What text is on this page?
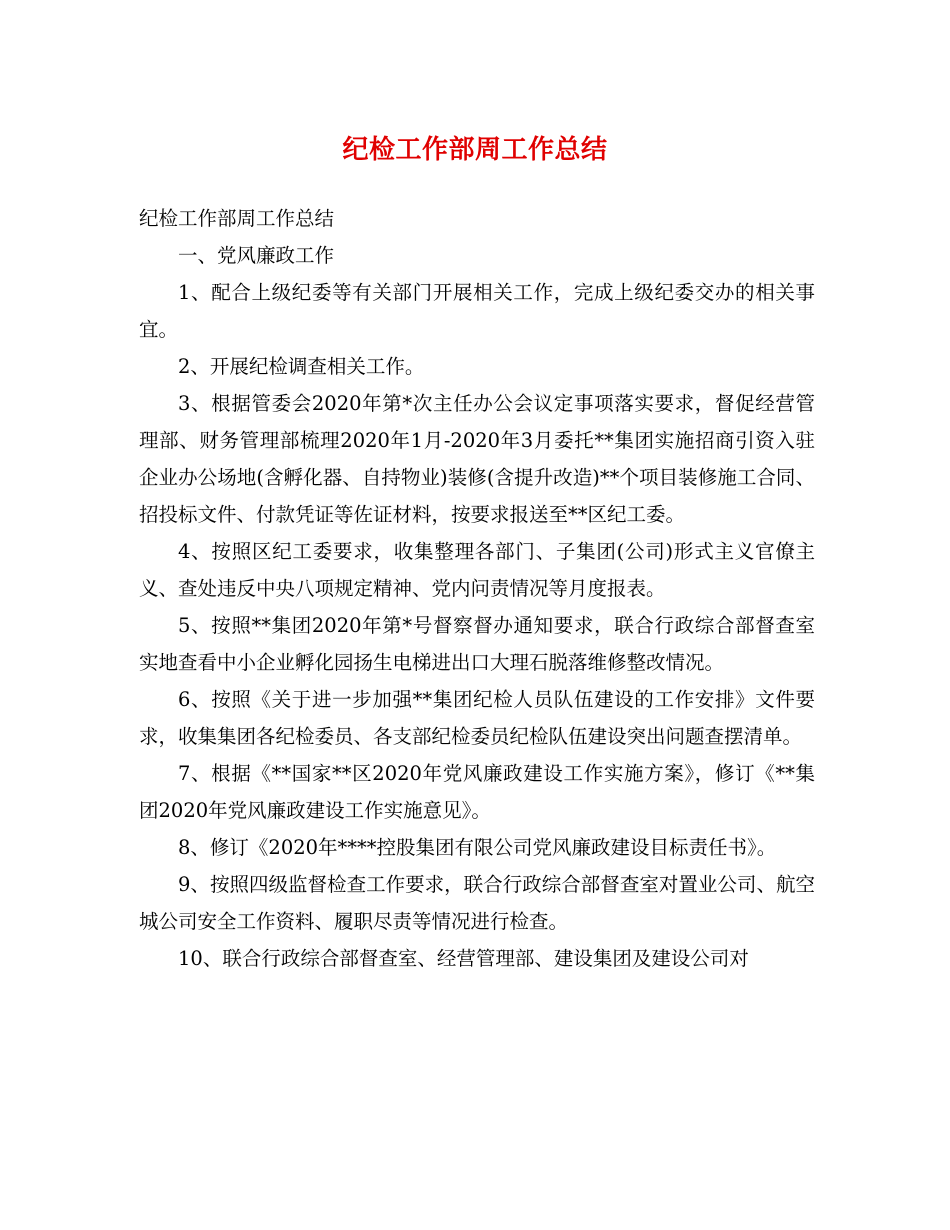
纪检工作部周工作总结

纪检工作部周工作总结

一、党风廉政工作

1、配合上级纪委等有关部门开展相关工作，完成上级纪委交办的相关事宜。

2、开展纪检调查相关工作。

3、根据管委会2020年第*次主任办公会议定事项落实要求，督促经营管理部、财务管理部梳理2020年1月-2020年3月委托**集团实施招商引资入驻企业办公场地(含孵化器、自持物业)装修(含提升改造)**个项目装修施工合同、招投标文件、付款凭证等佐证材料，按要求报送至**区纪工委。

4、按照区纪工委要求，收集整理各部门、子集团(公司)形式主义官僚主义、查处违反中央八项规定精神、党内问责情况等月度报表。

5、按照**集团2020年第*号督察督办通知要求，联合行政综合部督查室实地查看中小企业孵化园扬生电梯进出口大理石脱落维修整改情况。

6、按照《关于进一步加强**集团纪检人员队伍建设的工作安排》文件要求，收集集团各纪检委员、各支部纪检委员纪检队伍建设突出问题查摆清单。

7、根据《**国家**区2020年党风廉政建设工作实施方案》，修订《**集团2020年党风廉政建设工作实施意见》。

8、修订《2020年****控股集团有限公司党风廉政建设目标责任书》。

9、按照四级监督检查工作要求，联合行政综合部督查室对置业公司、航空城公司安全工作资料、履职尽责等情况进行检查。

10、联合行政综合部督查室、经营管理部、建设集团及建设公司对
